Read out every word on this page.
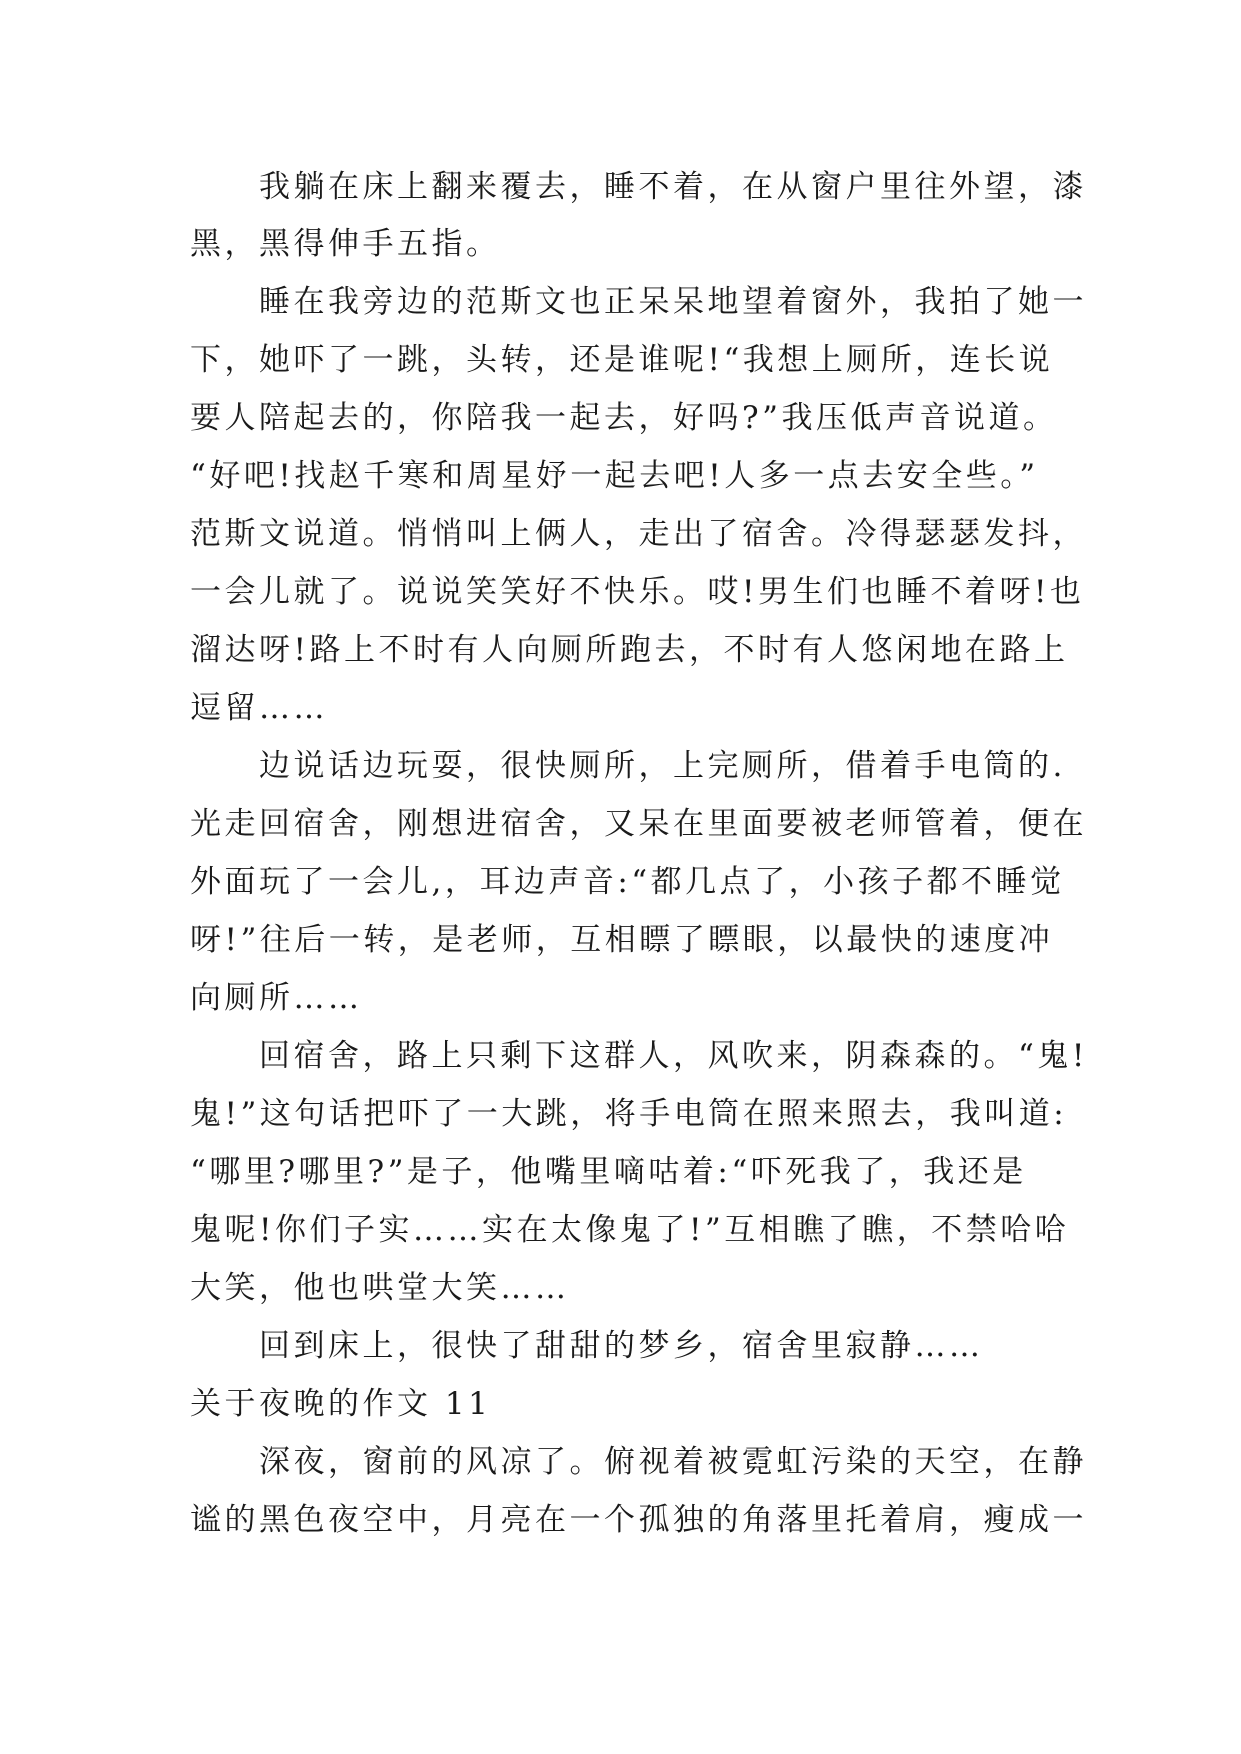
我躺在床上翻来覆去，睡不着，在从窗户里往外望，漆
黑，黑得伸手五指。
睡在我旁边的范斯文也正呆呆地望着窗外，我拍了她一
下，她吓了一跳，头转，还是谁呢!“我想上厕所，连长说
要人陪起去的，你陪我一起去，好吗?”我压低声音说道。
“好吧!找赵千寒和周星妤一起去吧!人多一点去安全些。”
范斯文说道。悄悄叫上俩人，走出了宿舍。冷得瑟瑟发抖，
一会儿就了。说说笑笑好不快乐。哎!男生们也睡不着呀!也
溜达呀!路上不时有人向厕所跑去，不时有人悠闲地在路上
逗留……
边说话边玩耍，很快厕所，上完厕所，借着手电筒的.
光走回宿舍，刚想进宿舍，又呆在里面要被老师管着，便在
外面玩了一会儿,，耳边声音:“都几点了，小孩子都不睡觉
呀!”往后一转，是老师，互相瞟了瞟眼，以最快的速度冲
向厕所……
回宿舍，路上只剩下这群人，风吹来，阴森森的。“鬼!
鬼!”这句话把吓了一大跳，将手电筒在照来照去，我叫道:
“哪里?哪里?”是子，他嘴里嘀咕着:“吓死我了，我还是
鬼呢!你们子实……实在太像鬼了!”互相瞧了瞧，不禁哈哈
大笑，他也哄堂大笑……
回到床上，很快了甜甜的梦乡，宿舍里寂静……
关于夜晚的作文 11
深夜，窗前的风凉了。俯视着被霓虹污染的天空，在静
谧的黑色夜空中，月亮在一个孤独的角落里托着肩，瘦成一
